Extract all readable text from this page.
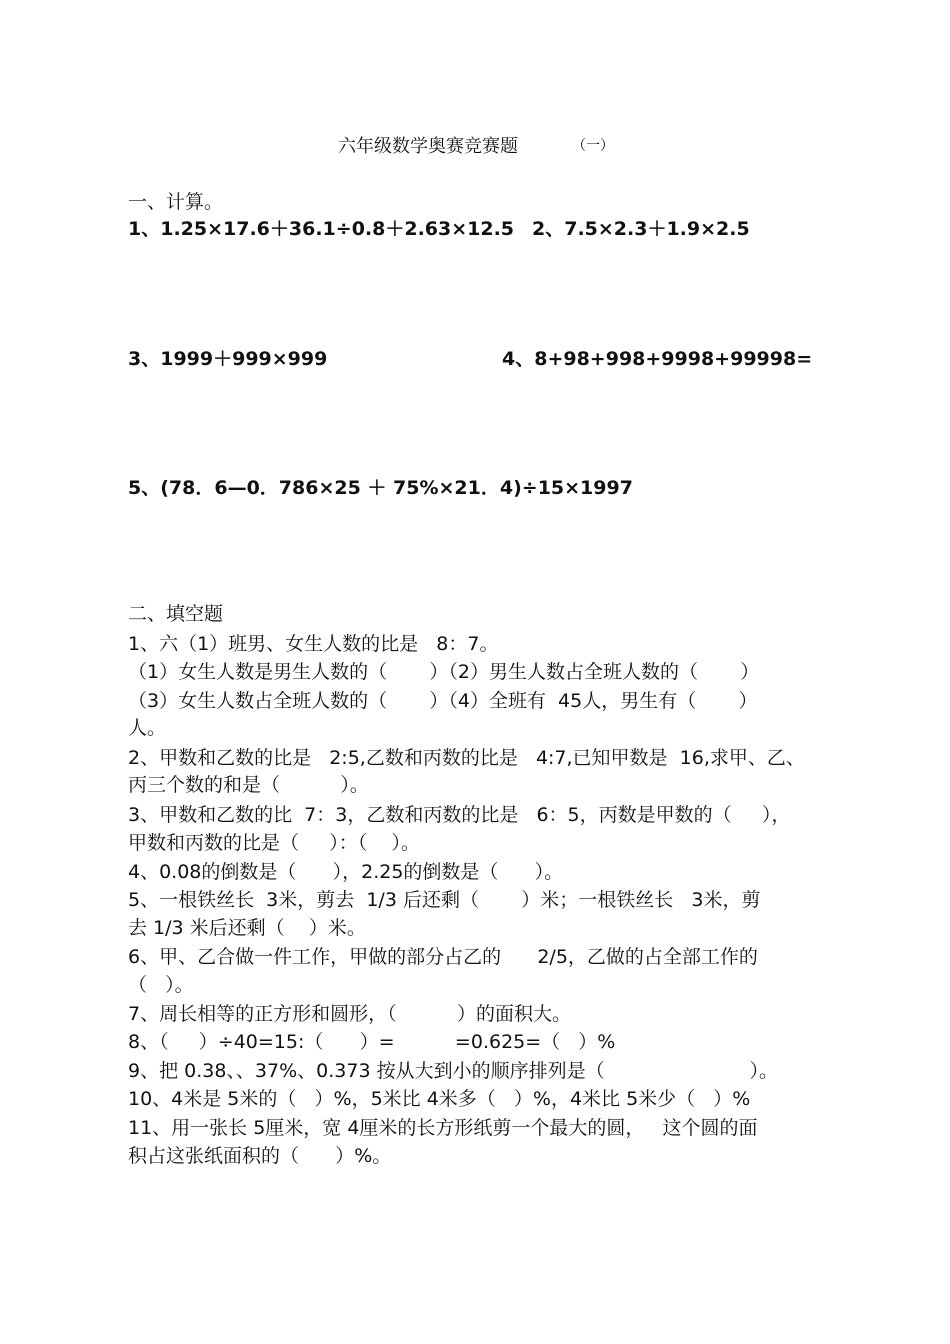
六年级数学奥赛竞赛题	（一）
一、计算。
1、1.25×17.6＋36.1÷0.8＋2.63×12.5 2、7.5×2.3＋1.9×2.5
3、1999＋999×999	4、8+98+998+9998+99998=
5、(78．6—0．786×25 ＋ 75%×21．4)÷15×1997
二、填空题
1、六（1）班男、女生人数的比是   8：7。
（1）女生人数是男生人数的（       ）（2）男生人数占全班人数的（       ）
（3）女生人数占全班人数的（       ）（4）全班有  45人，男生有（       ）
人。
2、甲数和乙数的比是   2:5,乙数和丙数的比是   4:7,已知甲数是  16,求甲、乙、
丙三个数的和是（          ）。
3、甲数和乙数的比  7：3，乙数和丙数的比是   6：5，丙数是甲数的（     ），
甲数和丙数的比是（     ）：（    ）。
4、0.08的倒数是（      ），2.25的倒数是（      ）。
5、一根铁丝长  3米，剪去  1/3 后还剩（       ）米；一根铁丝长   3米，剪
去 1/3 米后还剩（    ）米。
6、甲、乙合做一件工作，甲做的部分占乙的      2/5，乙做的占全部工作的
（   ）。
7、周长相等的正方形和圆形，（          ）的面积大。
8、（     ）÷40=15:（      ）=          =0.625=（   ）%
9、把 0.38、、37%、0.373 按从大到小的顺序排列是（                        ）。
10、4米是 5米的（   ）%，5米比 4米多（   ）%，4米比 5米少（   ）%
11、用一张长 5厘米，宽 4厘米的长方形纸剪一个最大的圆，   这个圆的面
积占这张纸面积的（      ）%。
